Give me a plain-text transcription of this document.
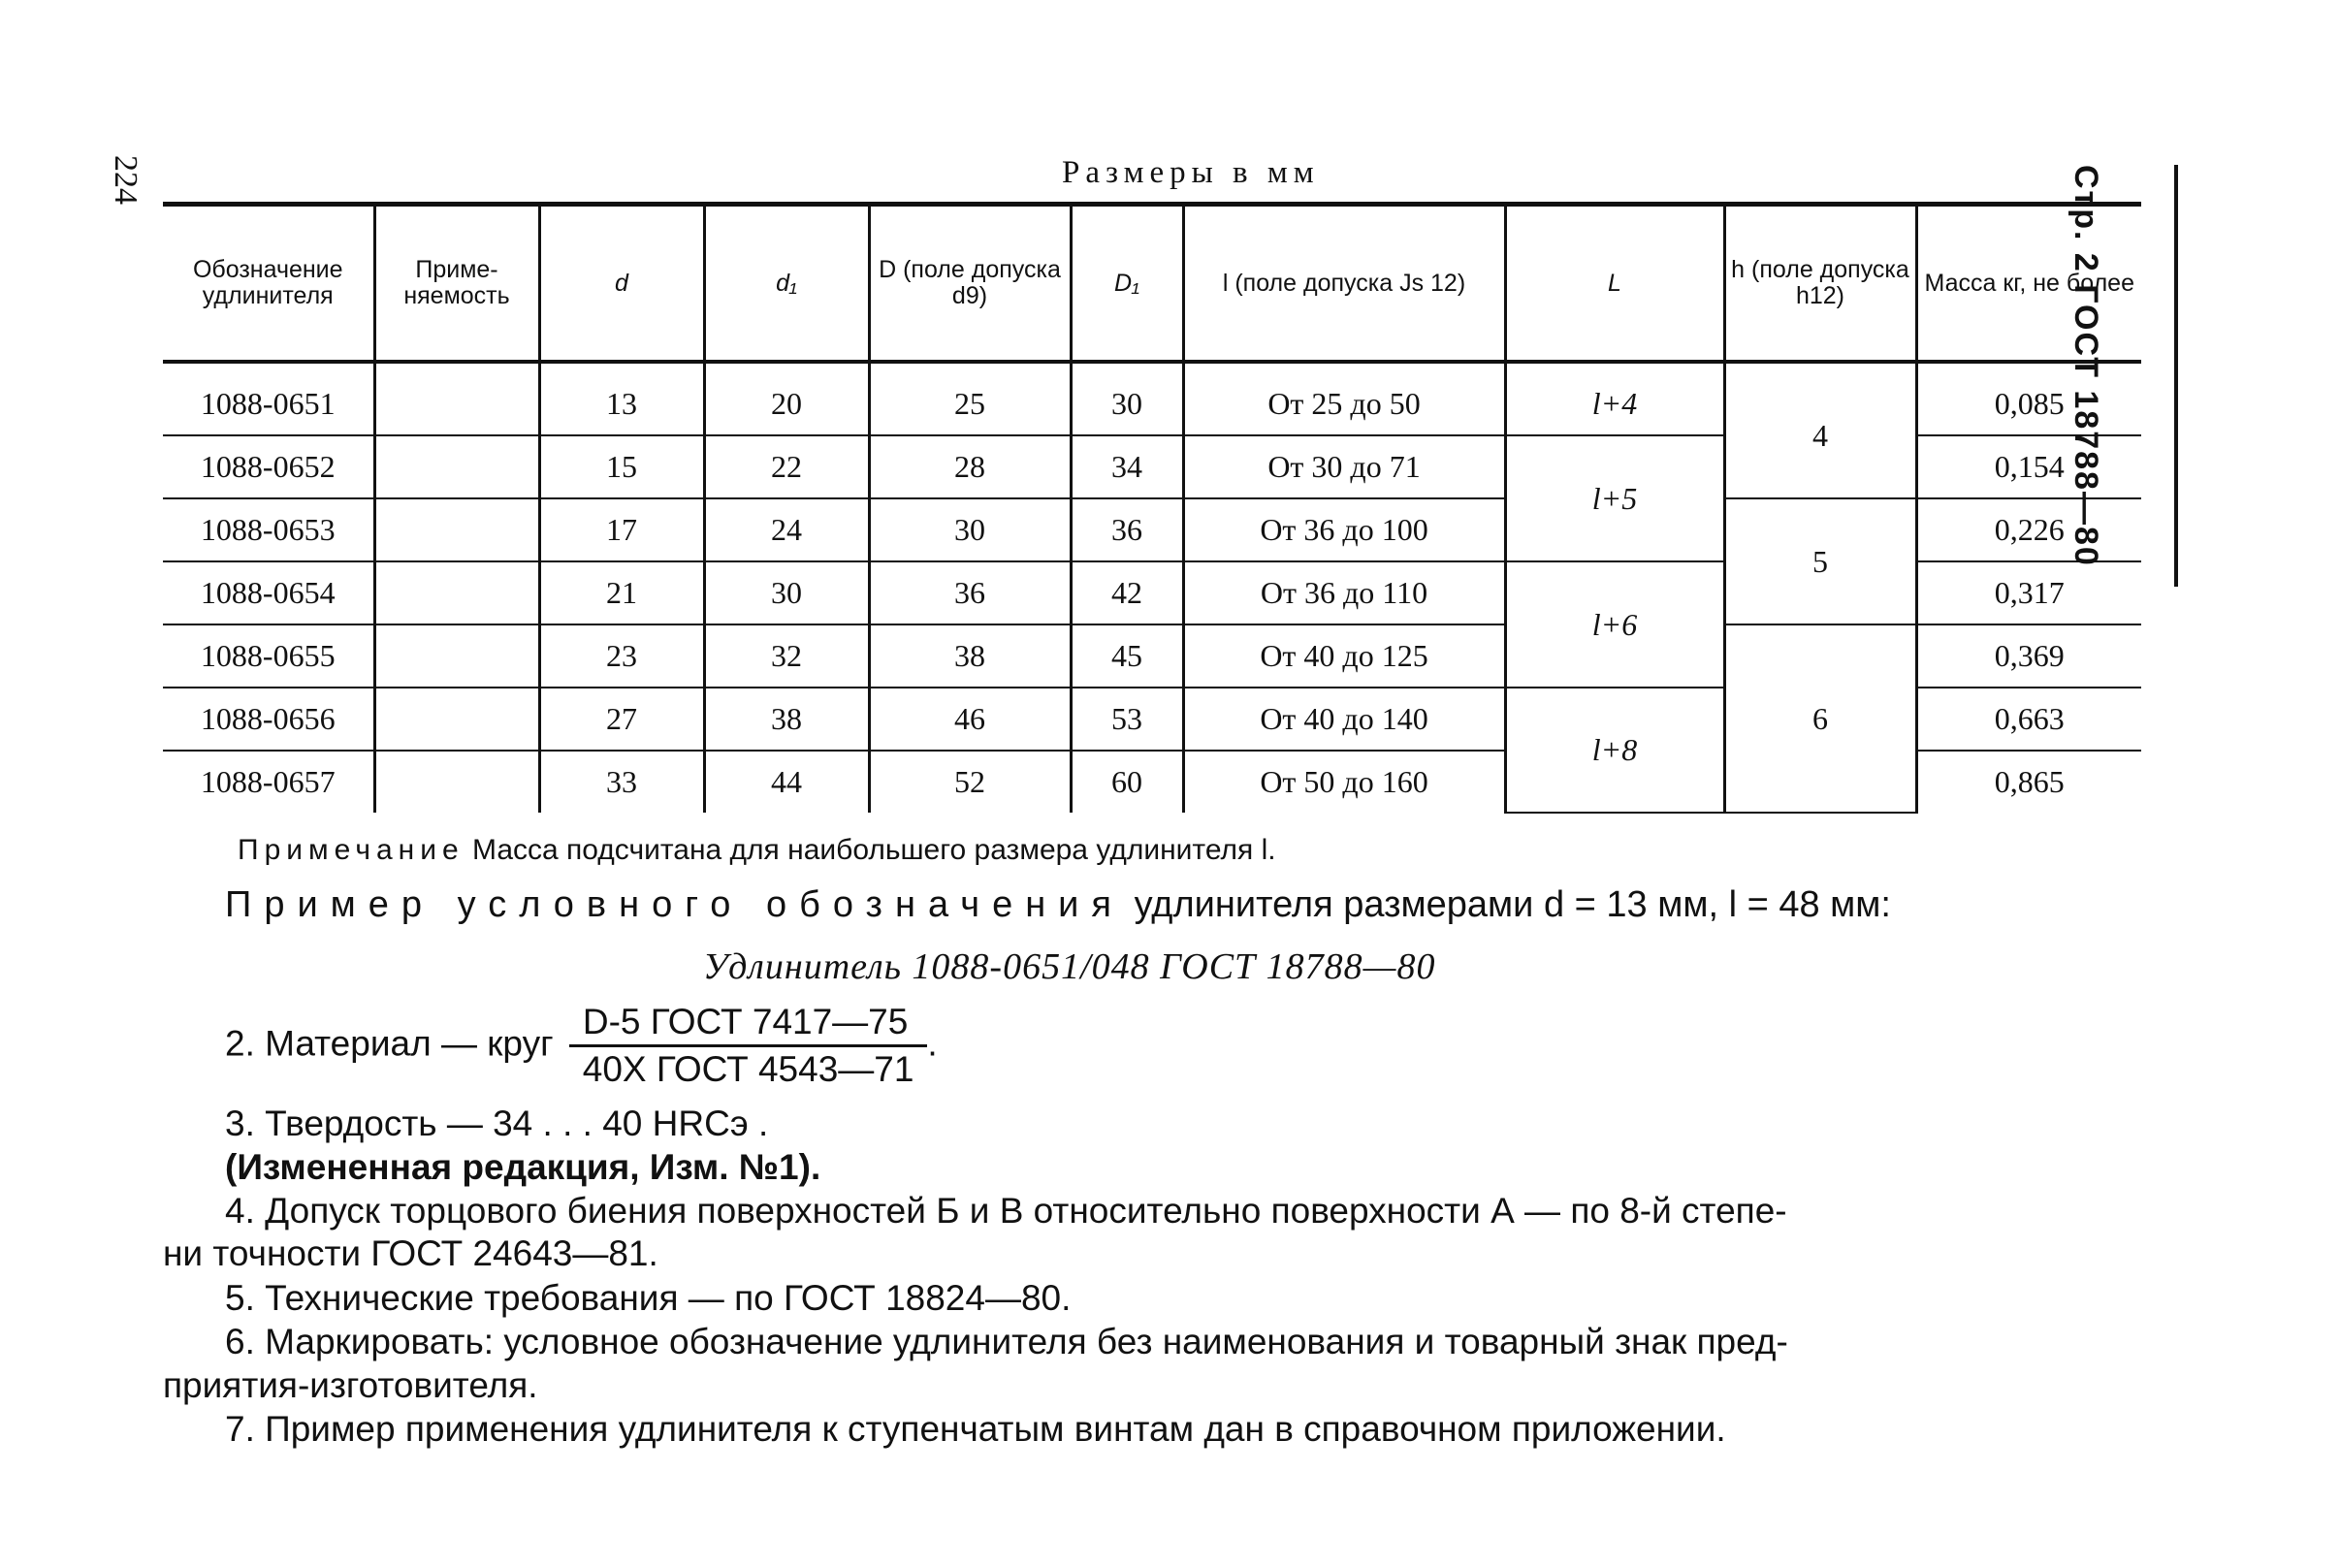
224	Стр. 2 ГОСТ 18788—80
Размеры в мм
Обозначение удлинителя	Применяемость	d	d₁	D (поле допуска d9)	D₁	l (поле допуска Js 12)	L	h (поле допуска h12)	Масса кг, не более

1088-0651		13	20	25	30	От 25 до 50	l+4	4	0,085
1088-0652		15	22	28	34	От 30 до 71	l+5		0,154
1088-0653		17	24	30	36	От 36 до 100		5	0,226
1088-0654		21	30	36	42	От 36 до 110	l+6		0,317
1088-0655		23	32	38	45	От 40 до 125		6	0,369
1088-0656		27	38	46	53	От 40 до 140	l+8		0,663
1088-0657		33	44	52	60	От 50 до 160			0,865
Примечание Масса подсчитана для наибольшего размера удлинителя l.
Пример условного обозначения удлинителя размерами d = 13 мм, l = 48 мм:
Удлинитель 1088-0651/048 ГОСТ 18788—80
2. Материал — круг $\frac{\text{D-5 ГОСТ 7417—75}}{\text{40Х ГОСТ 4543—71}}$ .
3. Твердость — 34 . . . 40 HRCэ .
(Измененная редакция, Изм. №1).
4. Допуск торцового биения поверхностей Б и В относительно поверхности А — по 8-й степе-
ни точности ГОСТ 24643—81.
5. Технические требования — по ГОСТ 18824—80.
6. Маркировать: условное обозначение удлинителя без наименования и товарный знак пред-
приятия-изготовителя.
7. Пример применения удлинителя к ступенчатым винтам дан в справочном приложении.
